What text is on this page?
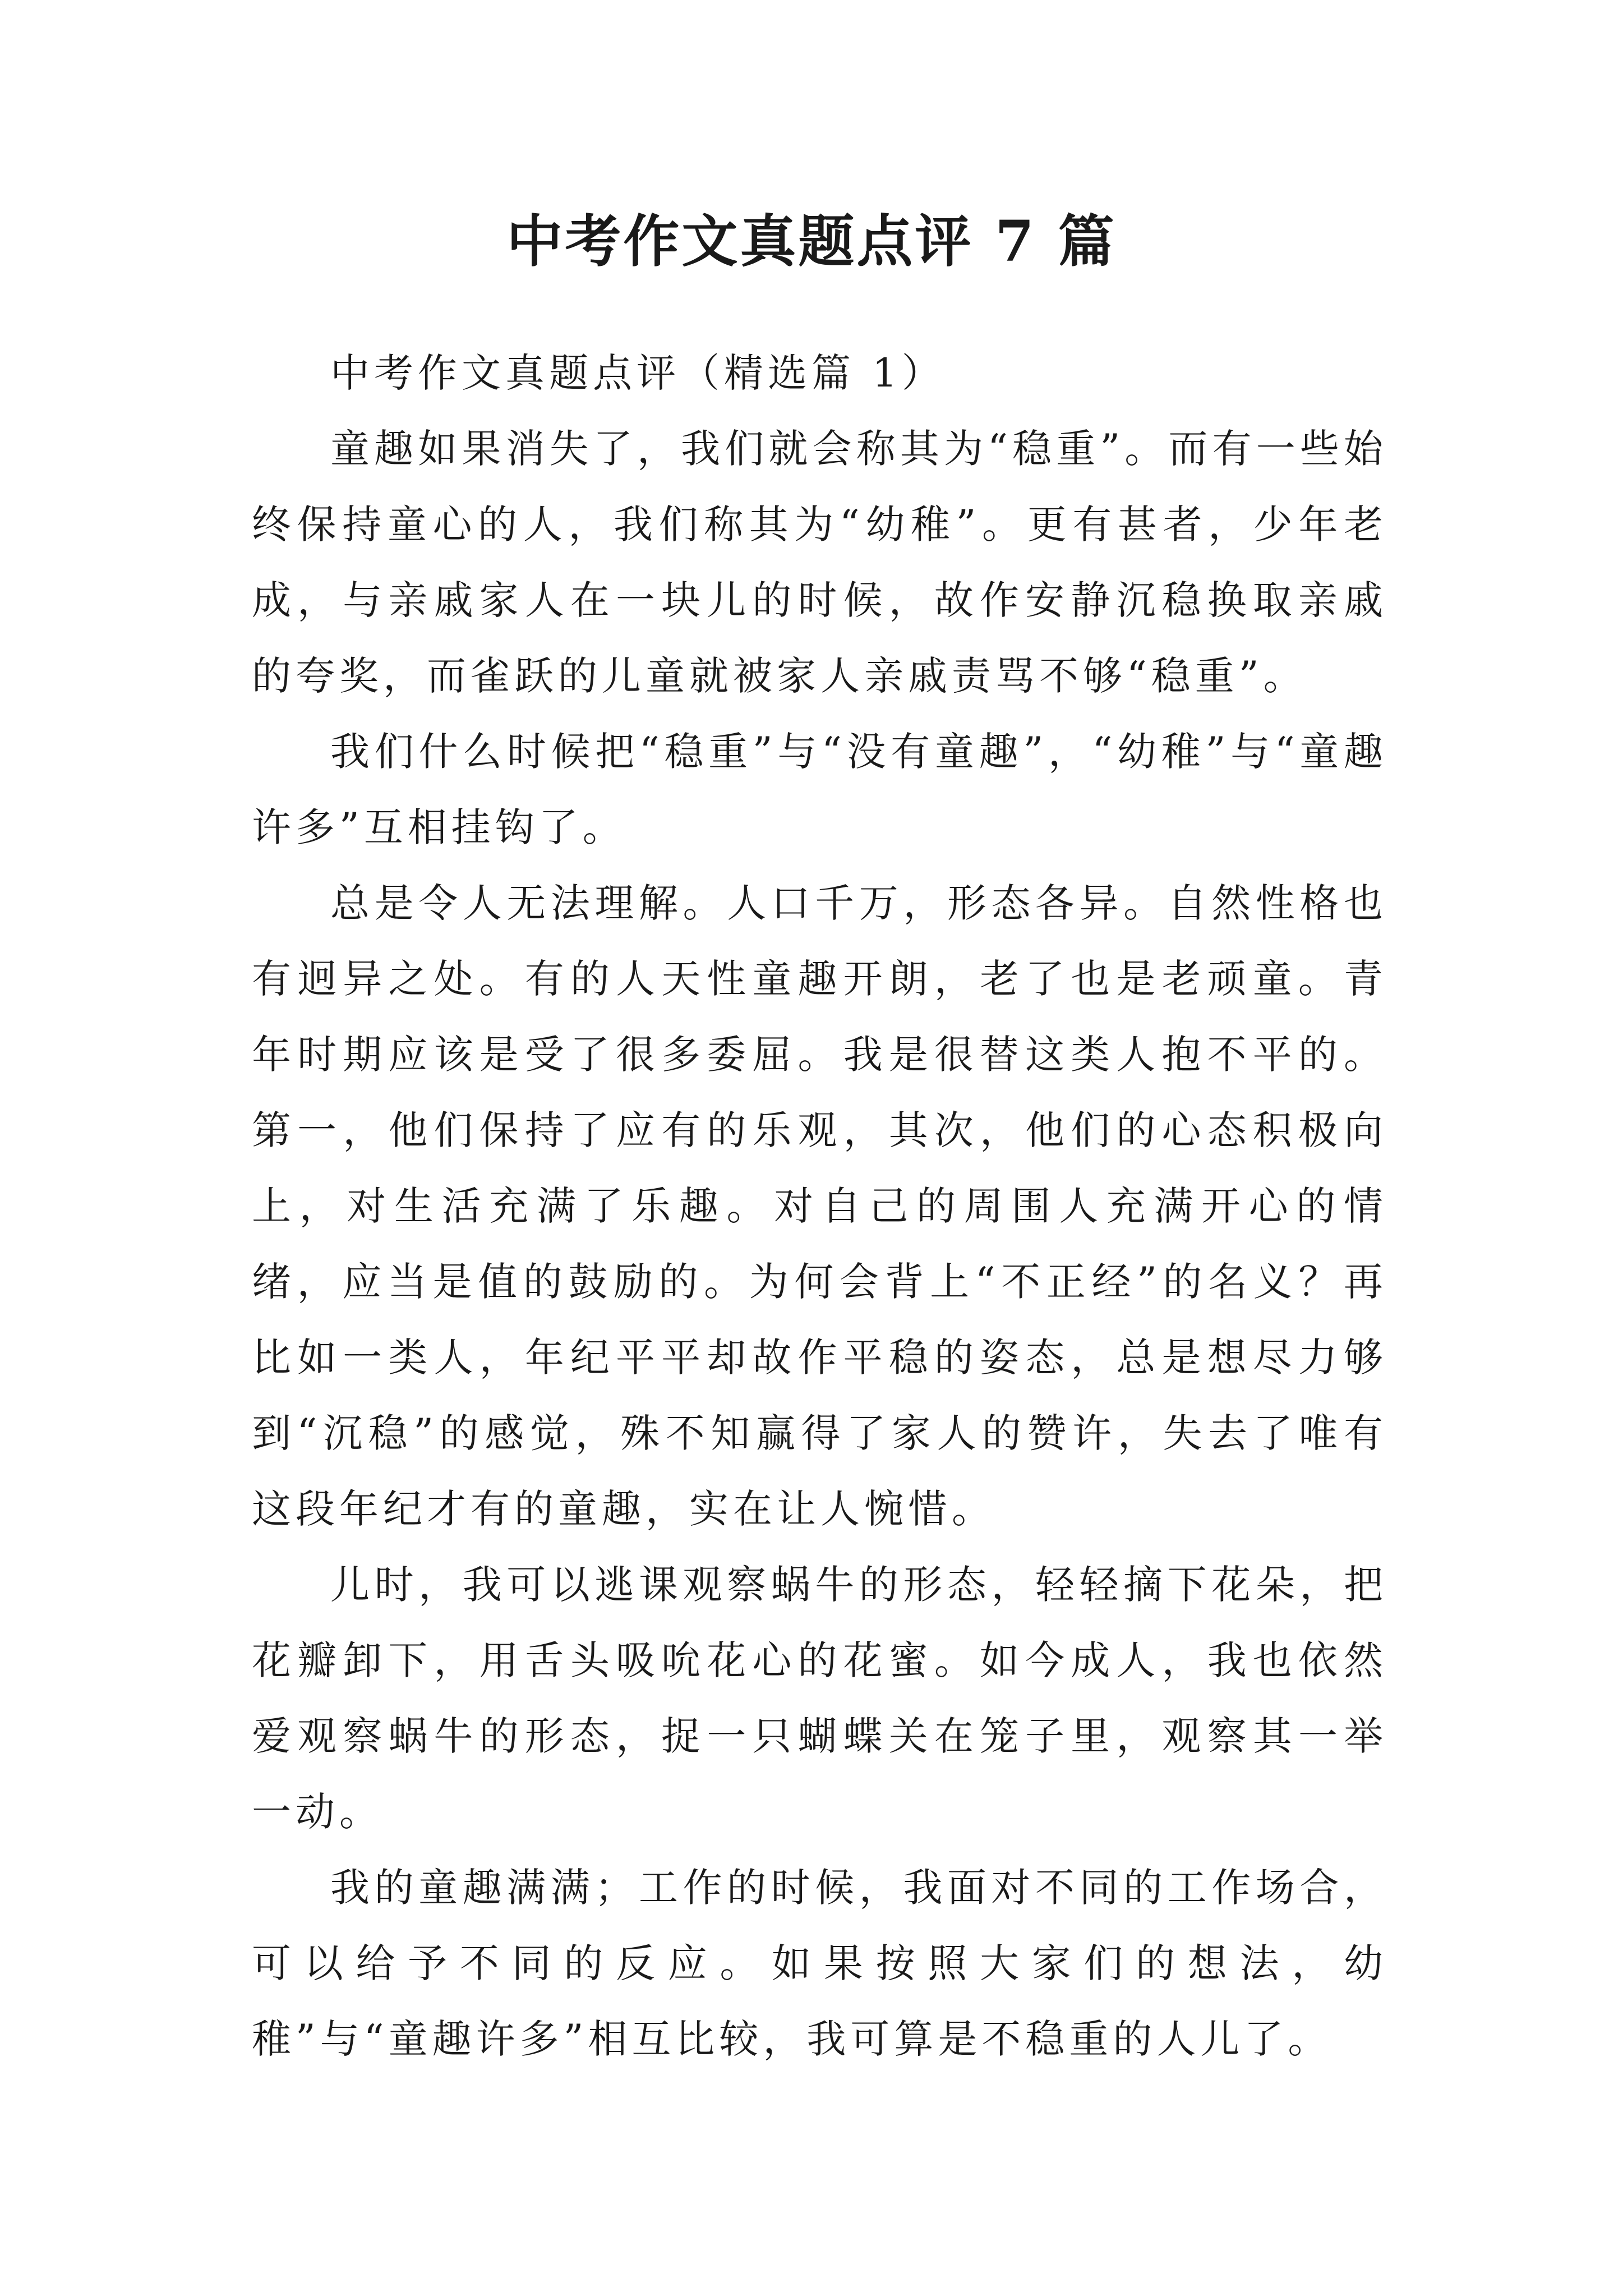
中考作文真题点评 7 篇

中考作文真题点评（精选篇 1）

童趣如果消失了，我们就会称其为“稳重”。而有一些始终保持童心的人，我们称其为“幼稚”。更有甚者，少年老成，与亲戚家人在一块儿的时候，故作安静沉稳换取亲戚的夸奖，而雀跃的儿童就被家人亲戚责骂不够“稳重”。

我们什么时候把“稳重”与“没有童趣”，“幼稚”与“童趣许多”互相挂钩了。

总是令人无法理解。人口千万，形态各异。自然性格也有迥异之处。有的人天性童趣开朗，老了也是老顽童。青年时期应该是受了很多委屈。我是很替这类人抱不平的。第一，他们保持了应有的乐观，其次，他们的心态积极向上，对生活充满了乐趣。对自己的周围人充满开心的情绪，应当是值的鼓励的。为何会背上“不正经”的名义？再比如一类人，年纪平平却故作平稳的姿态，总是想尽力够到“沉稳”的感觉，殊不知赢得了家人的赞许，失去了唯有这段年纪才有的童趣，实在让人惋惜。

儿时，我可以逃课观察蜗牛的形态，轻轻摘下花朵，把花瓣卸下，用舌头吸吮花心的花蜜。如今成人，我也依然爱观察蜗牛的形态，捉一只蝴蝶关在笼子里，观察其一举一动。

我的童趣满满；工作的时候，我面对不同的工作场合，可以给予不同的反应。如果按照大家们的想法，幼稚”与“童趣许多”相互比较，我可算是不稳重的人儿了。
